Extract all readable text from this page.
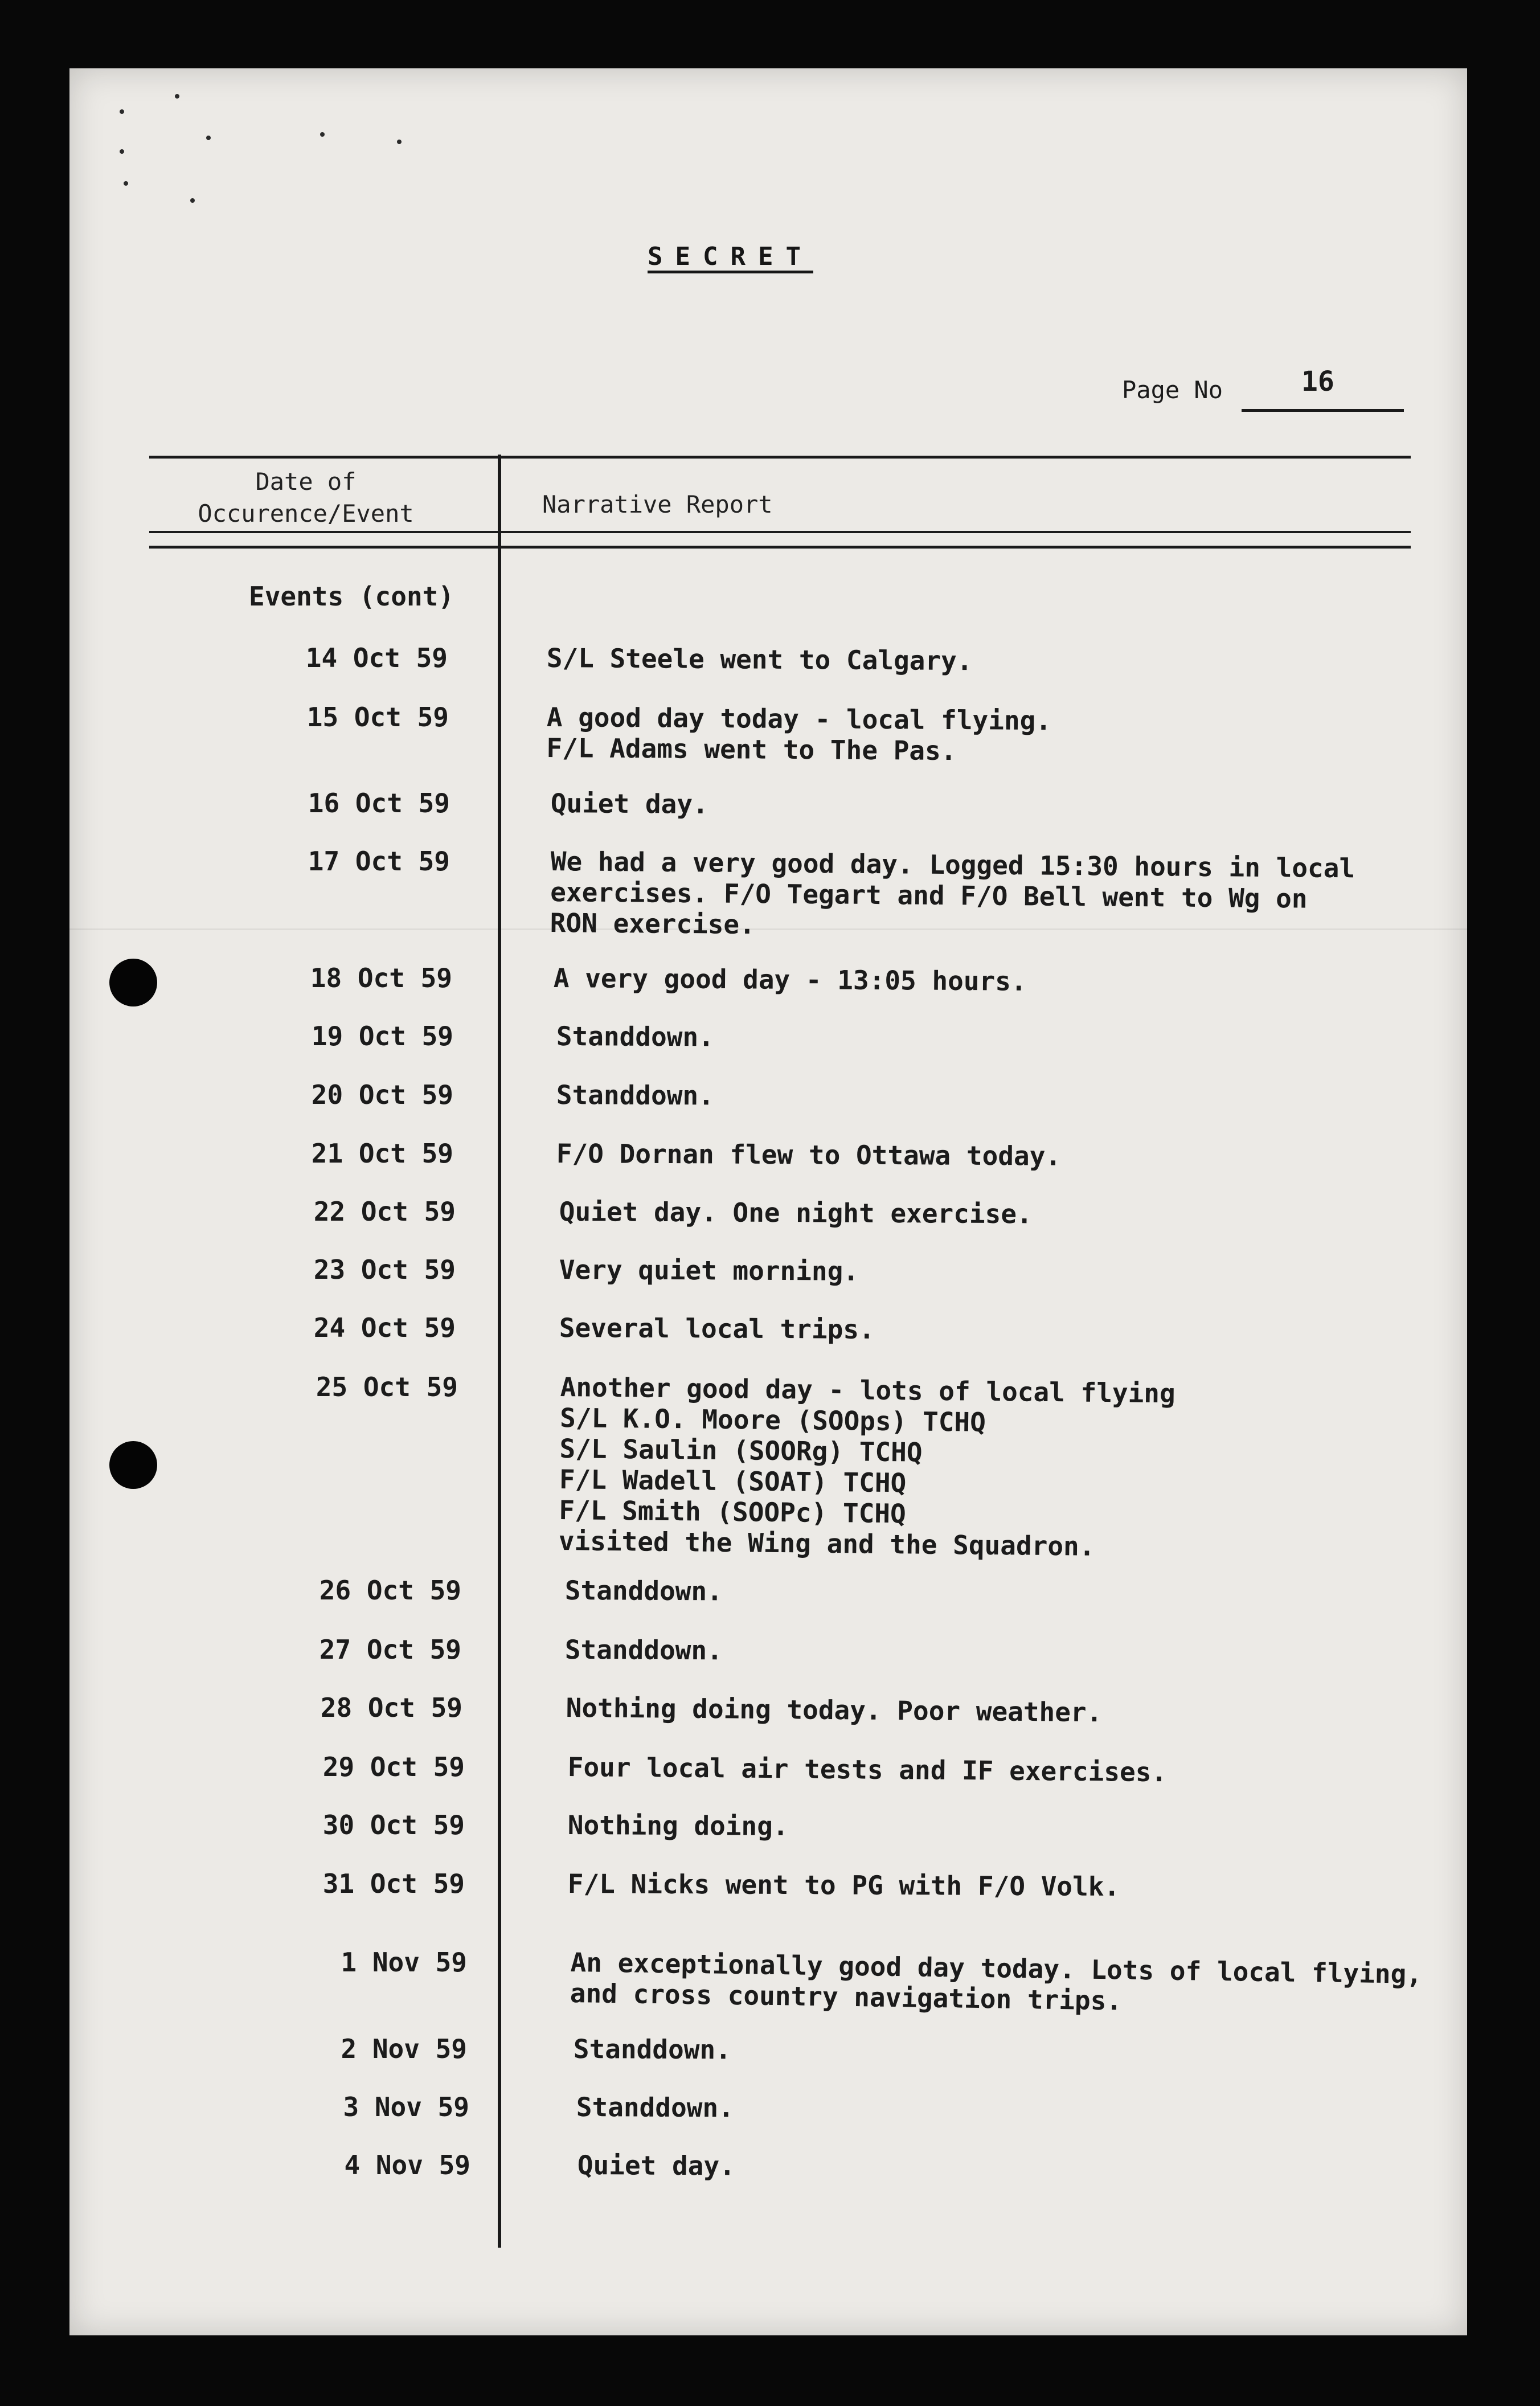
SECRET
Page No	16
Date of
Occurence/Event	Narrative Report
Events (cont)
14 Oct 59	S/L Steele went to Calgary.
15 Oct 59	A good day today - local flying.
F/L Adams went to The Pas.
16 Oct 59	Quiet day.
17 Oct 59	We had a very good day. Logged 15:30 hours in local
exercises. F/O Tegart and F/O Bell went to Wg on
RON exercise.
18 Oct 59	A very good day - 13:05 hours.
19 Oct 59	Standdown.
20 Oct 59	Standdown.
21 Oct 59	F/O Dornan flew to Ottawa today.
22 Oct 59	Quiet day. One night exercise.
23 Oct 59	Very quiet morning.
24 Oct 59	Several local trips.
25 Oct 59	Another good day - lots of local flying
S/L K.O. Moore (SOOps) TCHQ
S/L Saulin (SOORg) TCHQ
F/L Wadell (SOAT) TCHQ
F/L Smith (SOOPc) TCHQ
visited the Wing and the Squadron.
26 Oct 59	Standdown.
27 Oct 59	Standdown.
28 Oct 59	Nothing doing today. Poor weather.
29 Oct 59	Four local air tests and IF exercises.
30 Oct 59	Nothing doing.
31 Oct 59	F/L Nicks went to PG with F/O Volk.
1 Nov 59	An exceptionally good day today. Lots of local flying,
and cross country navigation trips.
2 Nov 59	Standdown.
3 Nov 59	Standdown.
4 Nov 59	Quiet day.
